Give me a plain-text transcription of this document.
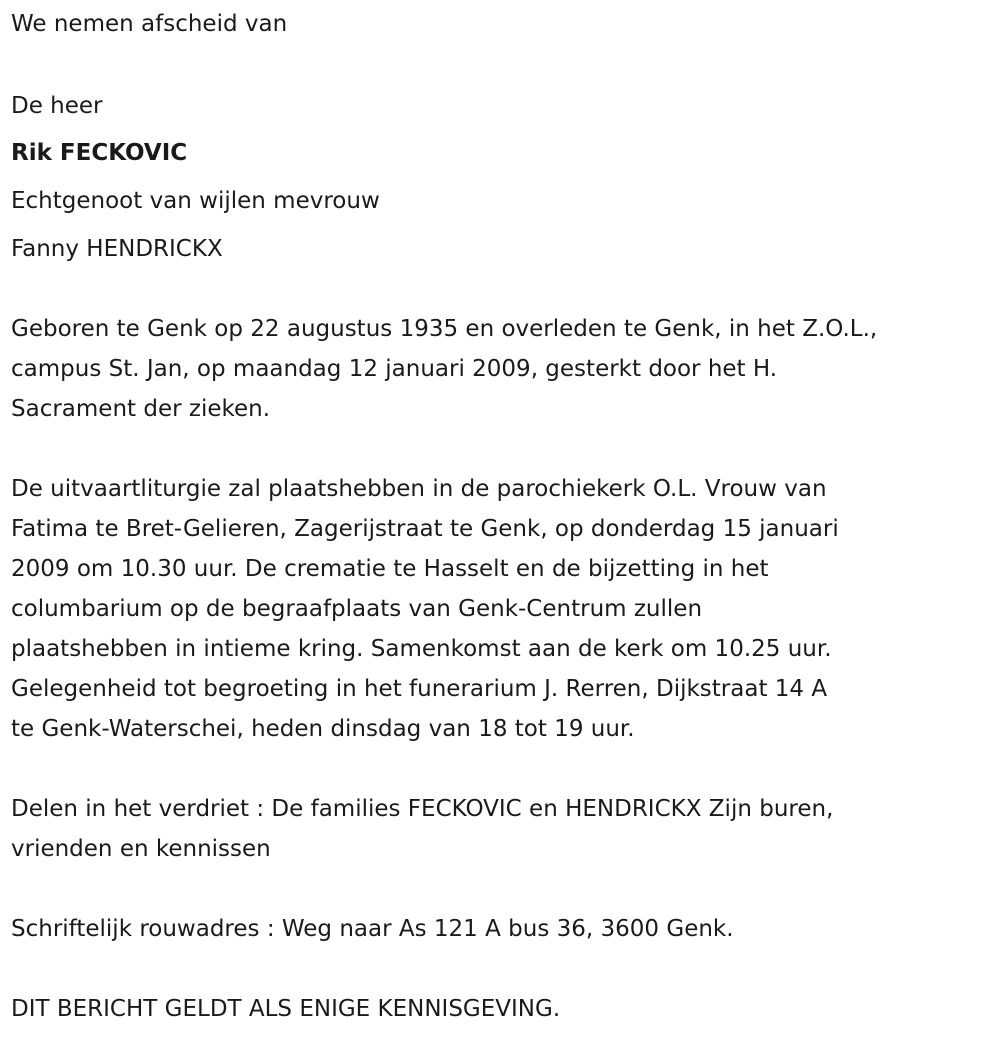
We nemen afscheid van
De heer
Rik FECKOVIC
Echtgenoot van wijlen mevrouw
Fanny HENDRICKX
Geboren te Genk op 22 augustus 1935 en overleden te Genk, in het Z.O.L.,
campus St. Jan, op maandag 12 januari 2009, gesterkt door het H.
Sacrament der zieken.
De uitvaartliturgie zal plaatshebben in de parochiekerk O.L. Vrouw van
Fatima te Bret-Gelieren, Zagerijstraat te Genk, op donderdag 15 januari
2009 om 10.30 uur. De crematie te Hasselt en de bijzetting in het
columbarium op de begraafplaats van Genk-Centrum zullen
plaatshebben in intieme kring. Samenkomst aan de kerk om 10.25 uur.
Gelegenheid tot begroeting in het funerarium J. Rerren, Dijkstraat 14 A
te Genk-Waterschei, heden dinsdag van 18 tot 19 uur.
Delen in het verdriet : De families FECKOVIC en HENDRICKX Zijn buren,
vrienden en kennissen
Schriftelijk rouwadres : Weg naar As 121 A bus 36, 3600 Genk.
DIT BERICHT GELDT ALS ENIGE KENNISGEVING.
